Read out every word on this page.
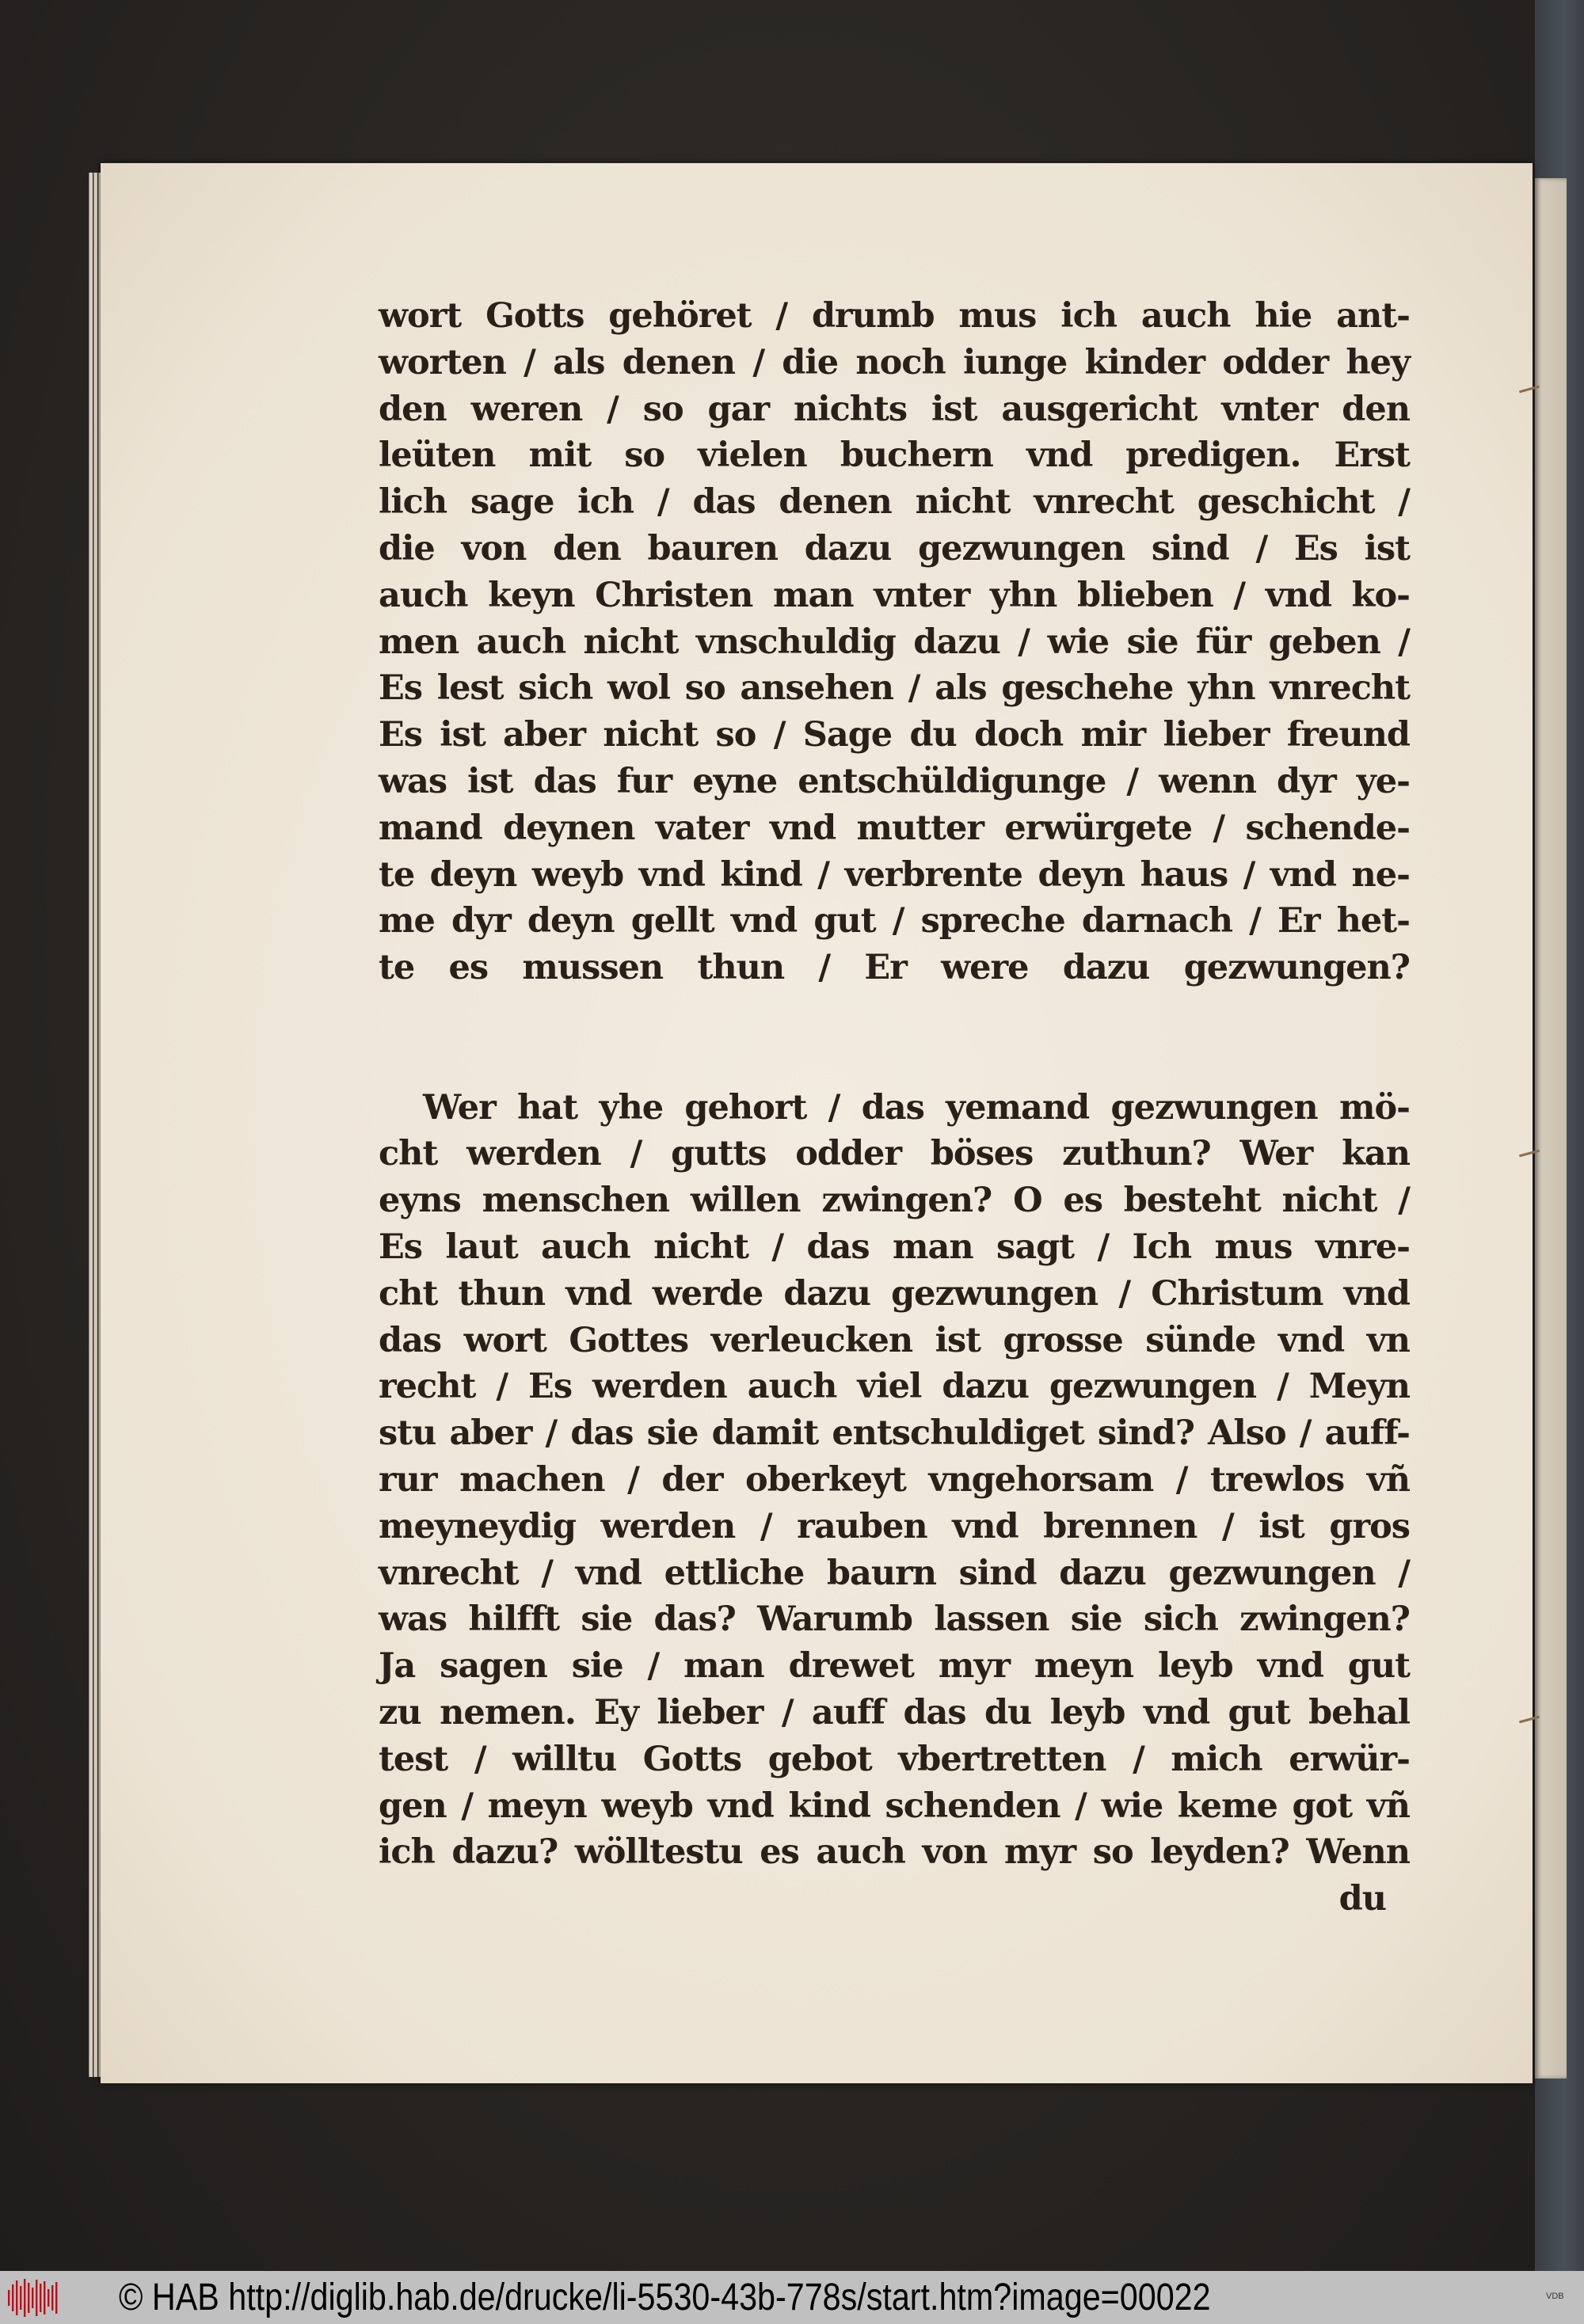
wort Gotts gehöret / drumb mus ich auch hie ant-
worten / als denen / die noch iunge kinder odder hey
den weren / so gar nichts ist ausgericht vnter den
leüten mit so vielen buchern vnd predigen. Erst
lich sage ich / das denen nicht vnrecht geschicht /
die von den bauren dazu gezwungen sind / Es ist
auch keyn Christen man vnter yhn blieben / vnd ko-
men auch nicht vnschuldig dazu / wie sie für geben /
Es lest sich wol so ansehen / als geschehe yhn vnrecht
Es ist aber nicht so / Sage du doch mir lieber freund
was ist das fur eyne entschüldigunge / wenn dyr ye-
mand deynen vater vnd mutter erwürgete / schende-
te deyn weyb vnd kind / verbrente deyn haus / vnd ne-
me dyr deyn gellt vnd gut / spreche darnach / Er het-
te es mussen thun / Er were dazu gezwungen?

Wer hat yhe gehort / das yemand gezwungen mö-
cht werden / gutts odder böses zuthun? Wer kan
eyns menschen willen zwingen? O es besteht nicht /
Es laut auch nicht / das man sagt / Ich mus vnre-
cht thun vnd werde dazu gezwungen / Christum vnd
das wort Gottes verleucken ist grosse sünde vnd vn
recht / Es werden auch viel dazu gezwungen / Meyn
stu aber / das sie damit entschuldiget sind? Also / auff-
rur machen / der oberkeyt vngehorsam / trewlos vñ
meyneydig werden / rauben vnd brennen / ist gros
vnrecht / vnd ettliche baurn sind dazu gezwungen /
was hilfft sie das? Warumb lassen sie sich zwingen?
Ja sagen sie / man drewet myr meyn leyb vnd gut
zu nemen. Ey lieber / auff das du leyb vnd gut behal
test / willtu Gotts gebot vbertretten / mich erwür-
gen / meyn weyb vnd kind schenden / wie keme got vñ
ich dazu? wölltestu es auch von myr so leyden? Wenn
du
© HAB http://diglib.hab.de/drucke/li-5530-43b-778s/start.htm?image=00022	VDB
